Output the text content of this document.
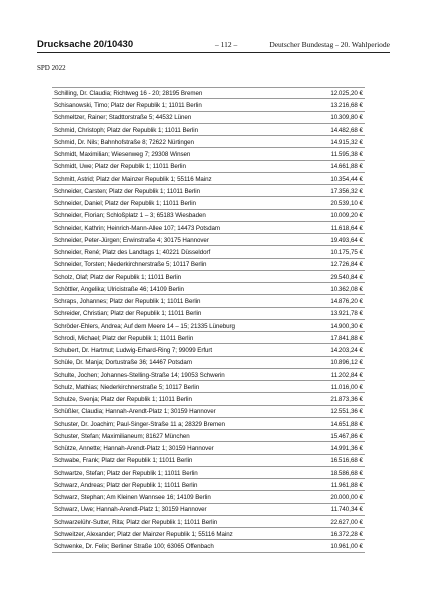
Drucksache 20/10430	– 112 –	Deutscher Bundestag – 20. Wahlperiode
SPD 2022
Schilling, Dr. Claudia; Richtweg 16 - 20; 28195 Bremen	12.025,20 €
Schisanowski, Timo; Platz der Republik 1; 11011 Berlin	13.216,68 €
Schmeltzer, Rainer; Stadttorstraße 5; 44532 Lünen	10.309,80 €
Schmid, Christoph; Platz der Republik 1; 11011 Berlin	14.482,68 €
Schmid, Dr. Nils; Bahnhofstraße 8; 72622 Nürtingen	14.915,32 €
Schmidt, Maximilian; Wiesenweg 7; 29308 Winsen	11.595,38 €
Schmidt, Uwe; Platz der Republik 1; 11011 Berlin	14.661,88 €
Schmitt, Astrid; Platz der Mainzer Republik 1; 55116 Mainz	10.354,44 €
Schneider, Carsten; Platz der Republik 1; 11011 Berlin	17.356,32 €
Schneider, Daniel; Platz der Republik 1; 11011 Berlin	20.539,10 €
Schneider, Florian; Schloßplatz 1 – 3; 65183 Wiesbaden	10.009,20 €
Schneider, Kathrin; Heinrich-Mann-Allee 107; 14473 Potsdam	11.618,64 €
Schneider, Peter-Jürgen; Erwinstraße 4; 30175 Hannover	19.493,64 €
Schneider, René; Platz des Landtags 1; 40221 Düsseldorf	10.175,75 €
Schneider, Torsten; Niederkirchnerstraße 5; 10117 Berlin	12.726,84 €
Scholz, Olaf; Platz der Republik 1; 11011 Berlin	29.540,84 €
Schöttler, Angelika; Ulricistraße 46; 14109 Berlin	10.362,08 €
Schraps, Johannes; Platz der Republik 1; 11011 Berlin	14.876,20 €
Schreider, Christian; Platz der Republik 1; 11011 Berlin	13.921,78 €
Schröder-Ehlers, Andrea; Auf dem Meere 14 – 15; 21335 Lüneburg	14.900,30 €
Schrodi, Michael; Platz der Republik 1; 11011 Berlin	17.841,88 €
Schubert, Dr. Hartmut; Ludwig-Erhard-Ring 7; 99099 Erfurt	14.203,24 €
Schüle, Dr. Manja; Dortustraße 36; 14467 Potsdam	10.896,12 €
Schulte, Jochen; Johannes-Stelling-Straße 14; 19053 Schwerin	11.202,84 €
Schulz, Mathias; Niederkirchnerstraße 5; 10117 Berlin	11.016,00 €
Schulze, Svenja; Platz der Republik 1; 11011 Berlin	21.873,36 €
Schüßler, Claudia; Hannah-Arendt-Platz 1; 30159 Hannover	12.551,36 €
Schuster, Dr. Joachim; Paul-Singer-Straße 11 a; 28329 Bremen	14.651,88 €
Schuster, Stefan; Maximilianeum; 81627 München	15.467,86 €
Schütze, Annette; Hannah-Arendt-Platz 1; 30159 Hannover	14.991,36 €
Schwabe, Frank; Platz der Republik 1; 11011 Berlin	16.516,68 €
Schwartze, Stefan; Platz der Republik 1; 11011 Berlin	18.586,68 €
Schwarz, Andreas; Platz der Republik 1; 11011 Berlin	11.961,88 €
Schwarz, Stephan; Am Kleinen Wannsee 16; 14109 Berlin	20.000,00 €
Schwarz, Uwe; Hannah-Arendt-Platz 1; 30159 Hannover	11.740,34 €
Schwarzelühr-Sutter, Rita; Platz der Republik 1; 11011 Berlin	22.627,00 €
Schweitzer, Alexander; Platz der Mainzer Republik 1; 55116 Mainz	16.372,28 €
Schwenke, Dr. Felix; Berliner Straße 100; 63065 Offenbach	10.961,00 €
